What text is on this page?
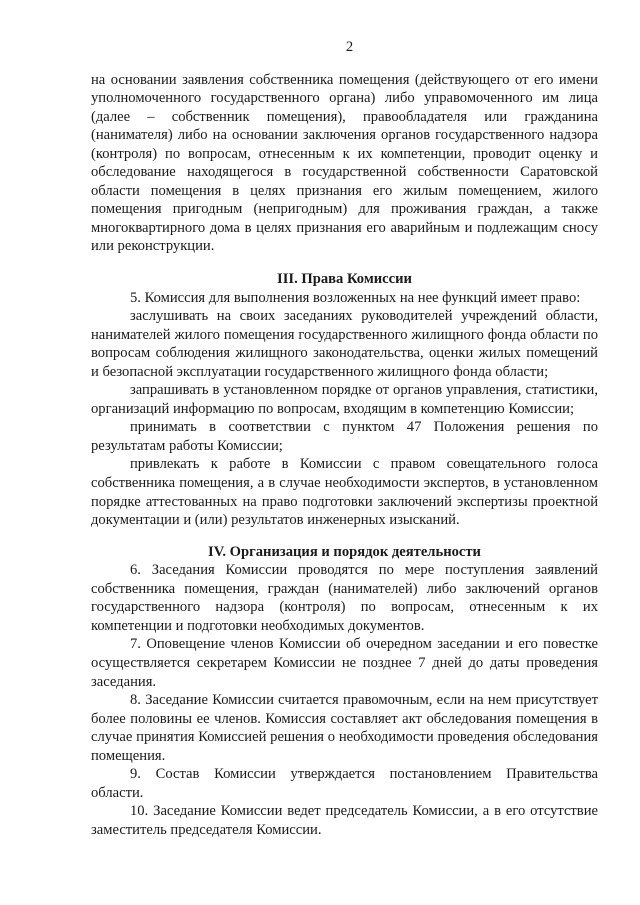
2

на основании заявления собственника помещения (действующего от его имени уполномоченного государственного органа) либо управомоченного им лица (далее – собственник помещения), правообладателя или гражданина (нанимателя) либо на основании заключения органов государственного надзора (контроля) по вопросам, отнесенным к их компетенции, проводит оценку и обследование находящегося в государственной собственности Саратовской области помещения в целях признания его жилым помещением, жилого помещения пригодным (непригодным) для проживания граждан, а также многоквартирного дома в целях признания его аварийным и подлежащим сносу или реконструкции.

III. Права Комиссии

5. Комиссия для выполнения возложенных на нее функций имеет право:

заслушивать на своих заседаниях руководителей учреждений области, нанимателей жилого помещения государственного жилищного фонда области по вопросам соблюдения жилищного законодательства, оценки жилых помещений и безопасной эксплуатации государственного жилищного фонда области;

запрашивать в установленном порядке от органов управления, статистики, организаций информацию по вопросам, входящим в компетенцию Комиссии;

принимать в соответствии с пунктом 47 Положения решения по результатам работы Комиссии;

привлекать к работе в Комиссии с правом совещательного голоса собственника помещения, а в случае необходимости экспертов, в установленном порядке аттестованных на право подготовки заключений экспертизы проектной документации и (или) результатов инженерных изысканий.

IV. Организация и порядок деятельности

6. Заседания Комиссии проводятся по мере поступления заявлений собственника помещения, граждан (нанимателей) либо заключений органов государственного надзора (контроля) по вопросам, отнесенным к их компетенции и подготовки необходимых документов.

7. Оповещение членов Комиссии об очередном заседании и его повестке осуществляется секретарем Комиссии не позднее 7 дней до даты проведения заседания.

8. Заседание Комиссии считается правомочным, если на нем присутствует более половины ее членов. Комиссия составляет акт обследования помещения в случае принятия Комиссией решения о необходимости проведения обследования помещения.

9. Состав Комиссии утверждается постановлением Правительства области.

10. Заседание Комиссии ведет председатель Комиссии, а в его отсутствие заместитель председателя Комиссии.
